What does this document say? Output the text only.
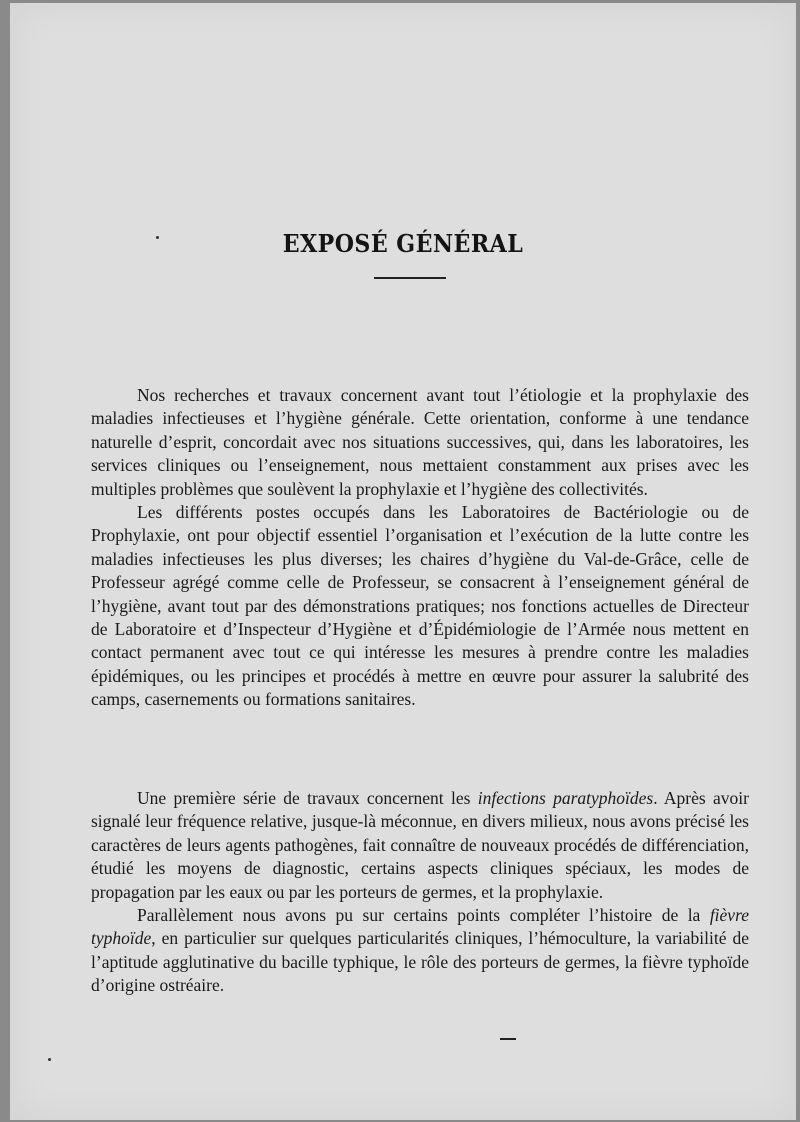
EXPOSÉ GÉNÉRAL

Nos recherches et travaux concernent avant tout l’étiologie et la prophylaxie des maladies infectieuses et l’hygiène générale. Cette orientation, conforme à une tendance naturelle d’esprit, concordait avec nos situations successives, qui, dans les laboratoires, les services cliniques ou l’enseignement, nous mettaient constamment aux prises avec les multiples problèmes que soulèvent la prophylaxie et l’hygiène des collectivités.

Les différents postes occupés dans les Laboratoires de Bactériologie ou de Prophylaxie, ont pour objectif essentiel l’organisation et l’exécution de la lutte contre les maladies infectieuses les plus diverses; les chaires d’hygiène du Val-de-Grâce, celle de Professeur agrégé comme celle de Professeur, se consacrent à l’enseignement général de l’hygiène, avant tout par des démonstrations pratiques; nos fonctions actuelles de Directeur de Laboratoire et d’Inspecteur d’Hygiène et d’Épidémiologie de l’Armée nous mettent en contact permanent avec tout ce qui intéresse les mesures à prendre contre les maladies épidémiques, ou les principes et procédés à mettre en œuvre pour assurer la salubrité des camps, casernements ou formations sanitaires.

Une première série de travaux concernent les infections paratyphoïdes. Après avoir signalé leur fréquence relative, jusque-là méconnue, en divers milieux, nous avons précisé les caractères de leurs agents pathogènes, fait connaître de nouveaux procédés de différenciation, étudié les moyens de diagnostic, certains aspects cliniques spéciaux, les modes de propagation par les eaux ou par les porteurs de germes, et la prophylaxie.

Parallèlement nous avons pu sur certains points compléter l’histoire de la fièvre typhoïde, en particulier sur quelques particularités cliniques, l’hémoculture, la variabilité de l’aptitude agglutinative du bacille typhique, le rôle des porteurs de germes, la fièvre typhoïde d’origine ostréaire.
